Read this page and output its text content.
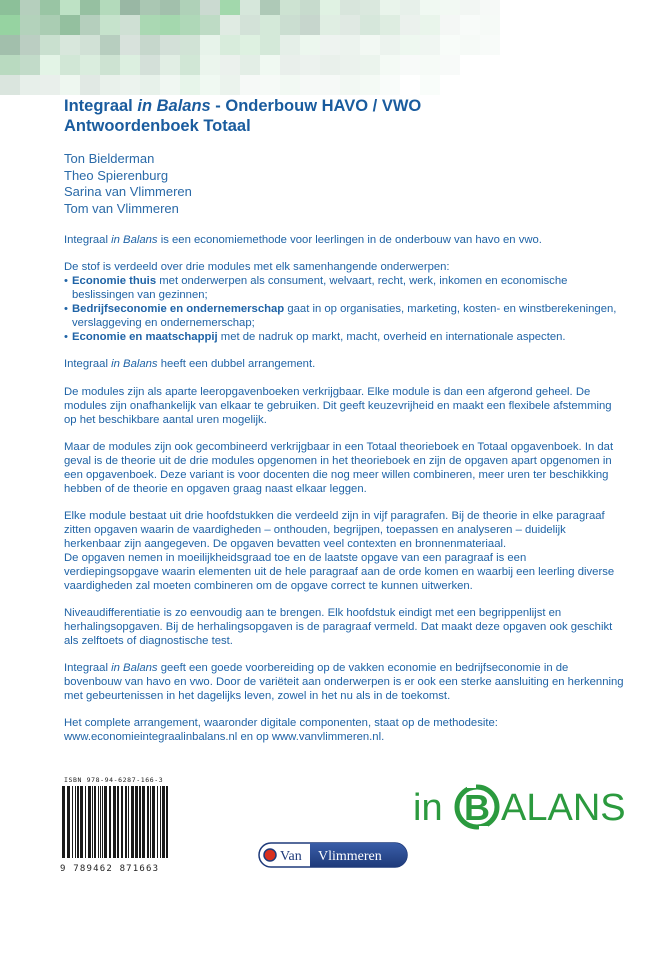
Integraal in Balans - Onderbouw HAVO / VWO
Antwoordenboek Totaal
Ton Bielderman
Theo Spierenburg
Sarina van Vlimmeren
Tom van Vlimmeren

Integraal in Balans is een economiemethode voor leerlingen in de onderbouw van havo en vwo.

De stof is verdeeld over drie modules met elk samenhangende onderwerpen:
• Economie thuis met onderwerpen als consument, welvaart, recht, werk, inkomen en economische beslissingen van gezinnen;
• Bedrijfseconomie en ondernemerschap gaat in op organisaties, marketing, kosten- en winstberekeningen, verslaggeving en ondernemerschap;
• Economie en maatschappij met de nadruk op markt, macht, overheid en internationale aspecten.

Integraal in Balans heeft een dubbel arrangement.

De modules zijn als aparte leeropgavenboeken verkrijgbaar. Elke module is dan een afgerond geheel. De modules zijn onafhankelijk van elkaar te gebruiken. Dit geeft keuzevrijheid en maakt een flexibele afstemming op het beschikbare aantal uren mogelijk.

Maar de modules zijn ook gecombineerd verkrijgbaar in een Totaal theorieboek en Totaal opgavenboek. In dat geval is de theorie uit de drie modules opgenomen in het theorieboek en zijn de opgaven apart opgenomen in een opgavenboek. Deze variant is voor docenten die nog meer willen combineren, meer uren ter beschikking hebben of de theorie en opgaven graag naast elkaar leggen.

Elke module bestaat uit drie hoofdstukken die verdeeld zijn in vijf paragrafen. Bij de theorie in elke paragraaf zitten opgaven waarin de vaardigheden – onthouden, begrijpen, toepassen en analyseren – duidelijk herkenbaar zijn aangegeven. De opgaven bevatten veel contexten en bronnenmateriaal.

De opgaven nemen in moeilijkheidsgraad toe en de laatste opgave van een paragraaf is een verdiepingsopgave waarin elementen uit de hele paragraaf aan de orde komen en waarbij een leerling diverse vaardigheden zal moeten combineren om de opgave correct te kunnen uitwerken.

Niveaudifferentiatie is zo eenvoudig aan te brengen. Elk hoofdstuk eindigt met een begrippenlijst en herhalingsopgaven. Bij de herhalingsopgaven is de paragraaf vermeld. Dat maakt deze opgaven ook geschikt als zelftoets of diagnostische test.

Integraal in Balans geeft een goede voorbereiding op de vakken economie en bedrijfseconomie in de bovenbouw van havo en vwo. Door de variëteit aan onderwerpen is er ook een sterke aansluiting en herkenning met gebeurtenissen in het dagelijks leven, zowel in het nu als in de toekomst.

Het complete arrangement, waaronder digitale componenten, staat op de methodesite:
www.economieintegraalinbalans.nl en op www.vanvlimmeren.nl.

ISBN 978-94-6287-166-3
9 789462 871663
in B ALANS
Van Vlimmeren
